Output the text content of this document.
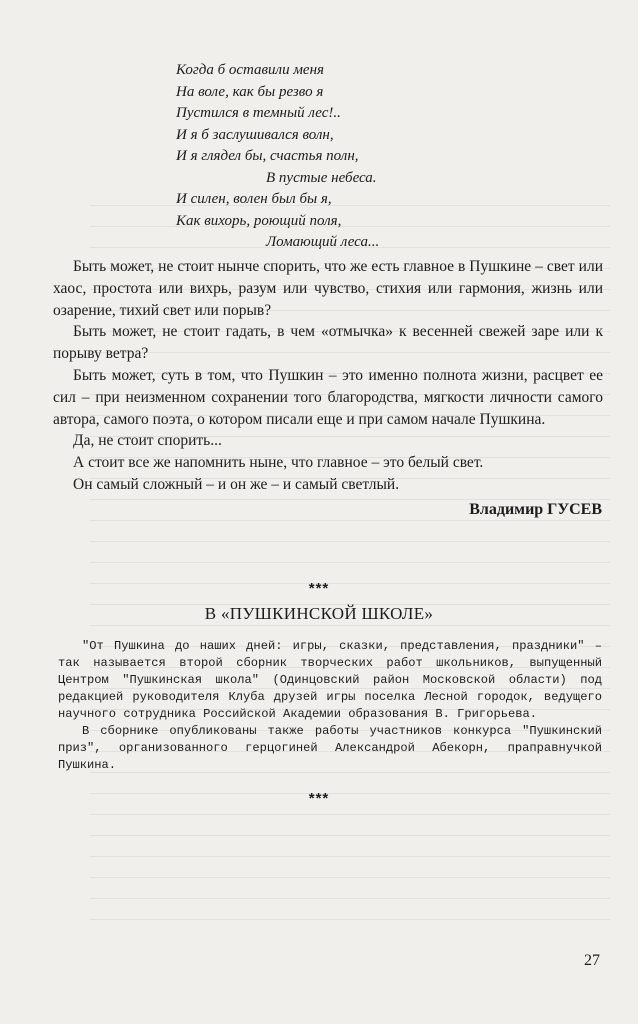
Когда б оставили меня
На воле, как бы резво я
Пустился в темный лес!..
И я б заслушивался волн,
И я глядел бы, счастья полн,
В пустые небеса.
И силен, волен был бы я,
Как вихорь, роющий поля,
Ломающий леса...

Быть может, не стоит нынче спорить, что же есть главное в Пушкине – свет или хаос, простота или вихрь, разум или чувство, стихия или гармония, жизнь или озарение, тихий свет или порыв?

Быть может, не стоит гадать, в чем «отмычка» к весенней свежей заре или к порыву ветра?

Быть может, суть в том, что Пушкин – это именно полнота жизни, расцвет ее сил – при неизменном сохранении того благородства, мягкости личности самого автора, самого поэта, о котором писали еще и при самом начале Пушкина.

Да, не стоит спорить...

А стоит все же напомнить ныне, что главное – это белый свет.

Он самый сложный – и он же – и самый светлый.

Владимир ГУСЕВ
***
В «ПУШКИНСКОЙ ШКОЛЕ»

"От Пушкина до наших дней: игры, сказки, представления, праздники" – так называется второй сборник творческих работ школьников, выпущенный Центром "Пушкинская школа" (Одинцовский район Московской области) под редакцией руководителя Клуба друзей игры поселка Лесной городок, ведущего научного сотрудника Российской Академии образования В. Григорьева.

В сборнике опубликованы также работы участников конкурса "Пушкинский приз", организованного герцогиней Александрой Абекорн, праправнучкой Пушкина.

***
27
